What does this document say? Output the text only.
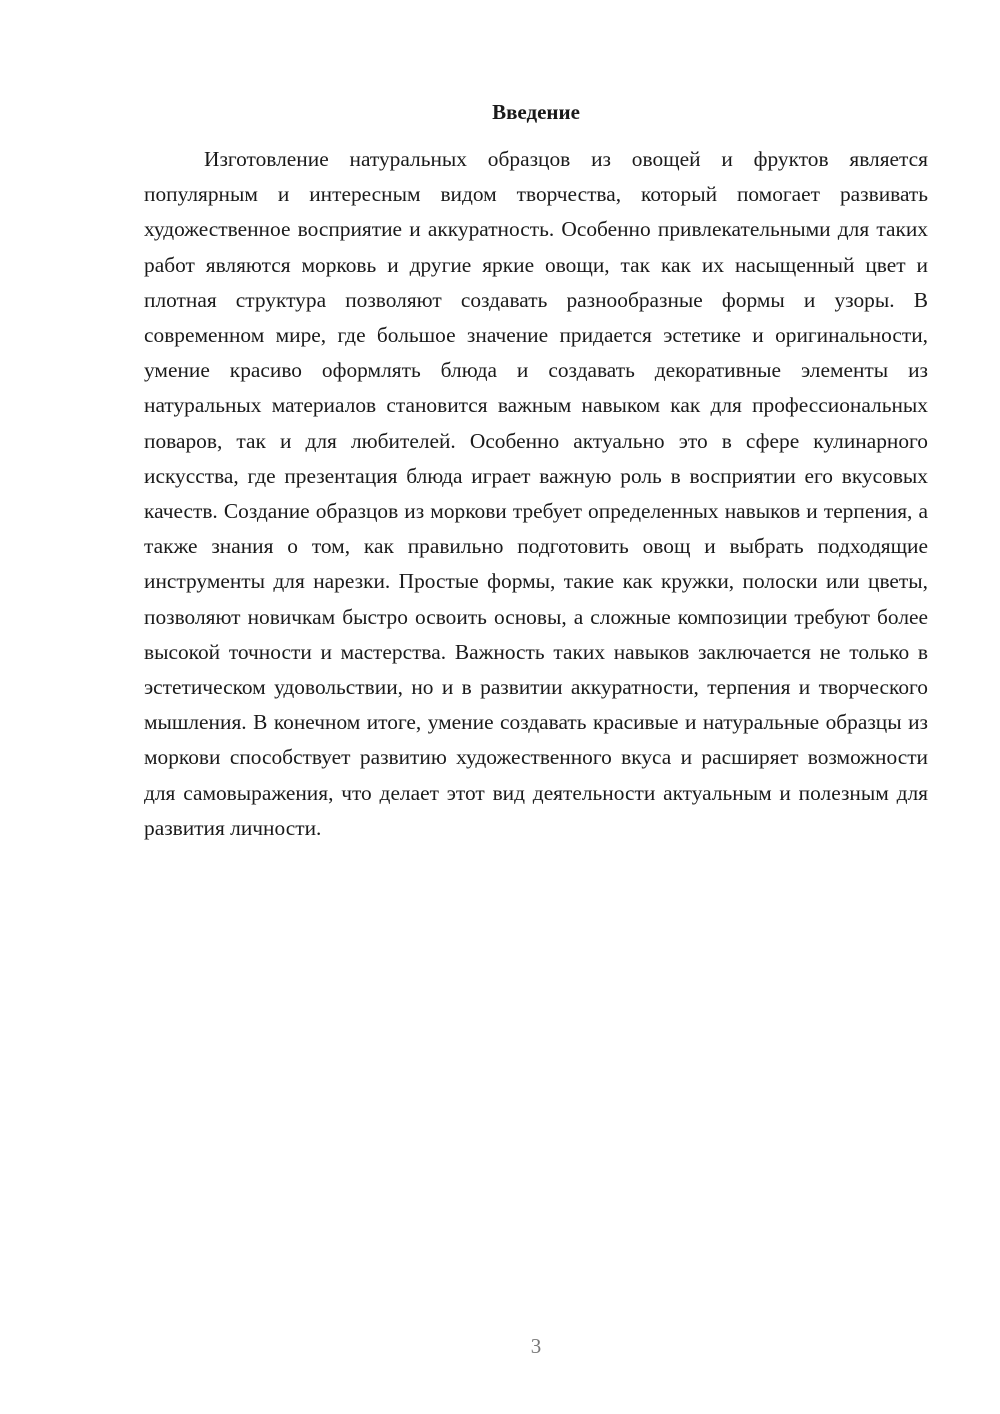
Введение

Изготовление натуральных образцов из овощей и фруктов является популярным и интересным видом творчества, который помогает развивать художественное восприятие и аккуратность. Особенно привлекательными для таких работ являются морковь и другие яркие овощи, так как их насыщенный цвет и плотная структура позволяют создавать разнообразные формы и узоры. В современном мире, где большое значение придается эстетике и оригинальности, умение красиво оформлять блюда и создавать декоративные элементы из натуральных материалов становится важным навыком как для профессиональных поваров, так и для любителей. Особенно актуально это в сфере кулинарного искусства, где презентация блюда играет важную роль в восприятии его вкусовых качеств. Создание образцов из моркови требует определенных навыков и терпения, а также знания о том, как правильно подготовить овощ и выбрать подходящие инструменты для нарезки. Простые формы, такие как кружки, полоски или цветы, позволяют новичкам быстро освоить основы, а сложные композиции требуют более высокой точности и мастерства. Важность таких навыков заключается не только в эстетическом удовольствии, но и в развитии аккуратности, терпения и творческого мышления. В конечном итоге, умение создавать красивые и натуральные образцы из моркови способствует развитию художественного вкуса и расширяет возможности для самовыражения, что делает этот вид деятельности актуальным и полезным для развития личности.

3
